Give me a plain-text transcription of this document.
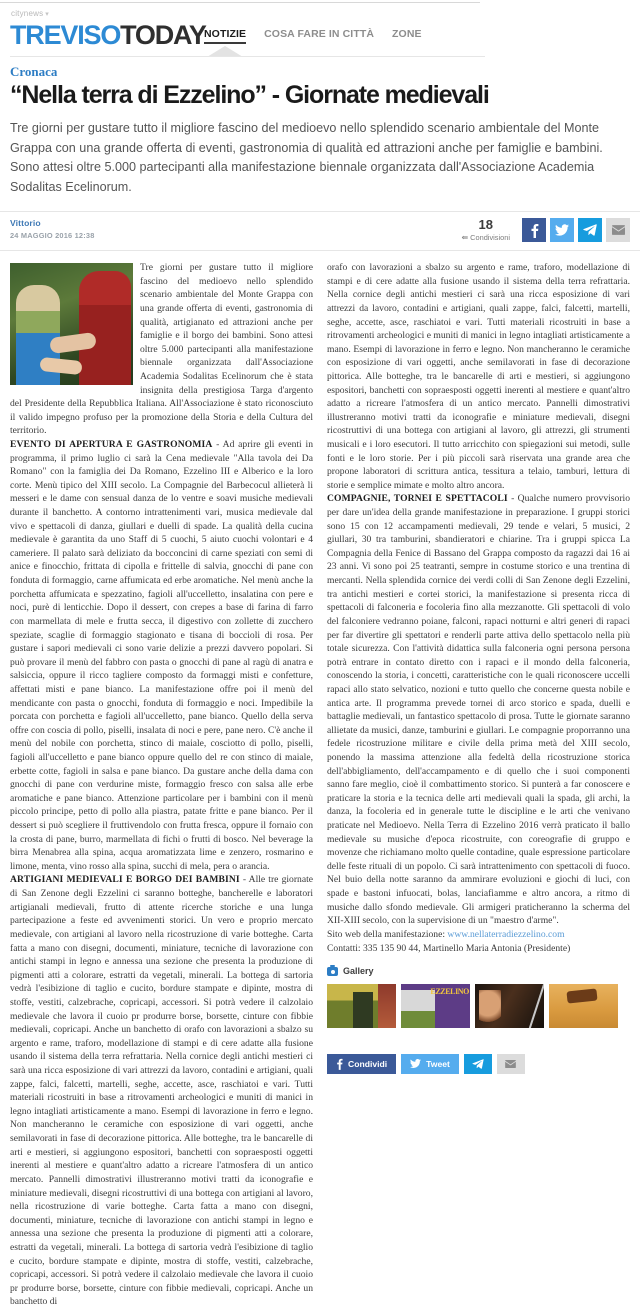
citynews ▾
TREVISOTODAY
NOTIZIE COSA FARE IN CITTÀ ZONE
Cronaca
“Nella terra di Ezzelino” - Giornate medievali

Tre giorni per gustare tutto il migliore fascino del medioevo nello splendido scenario ambientale del Monte Grappa con una grande offerta di eventi, gastronomia di qualità ed attrazioni anche per famiglie e bambini. Sono attesi oltre 5.000 partecipanti alla manifestazione biennale organizzata dall'Associazione Academia Sodalitas Ecelinorum.

Vittorio
24 MAGGIO 2016 12:38
18
⇚ Condivisioni

Tre giorni per gustare tutto il migliore fascino del medioevo nello splendido scenario ambientale del Monte Grappa con una grande offerta di eventi, gastronomia di qualità, artigianato ed attrazioni anche per famiglie e il borgo dei bambini. Sono attesi oltre 5.000 partecipanti alla manifestazione biennale organizzata dall'Associazione Academia Sodalitas Ecelinorum che è stata insignita della prestigiosa Targa d'argento del Presidente della Repubblica Italiana. All'Associazione è stato riconosciuto il valido impegno profuso per la promozione della Storia e della Cultura del territorio.

EVENTO DI APERTURA E GASTRONOMIA - Ad aprire gli eventi in programma, il primo luglio ci sarà la Cena medievale "Alla tavola dei Da Romano" con la famiglia dei Da Romano, Ezzelino III e Alberico e la loro corte. Menù tipico del XIII secolo. La Compagnie del Barbecocul allieterà li messeri e le dame con sensual danza de lo ventre e soavi musiche medievali durante il banchetto. A contorno intrattenimenti vari, musica medievale dal vivo e spettacoli di danza, giullari e duelli di spade. La qualità della cucina medievale è garantita da uno Staff di 5 cuochi, 5 aiuto cuochi volontari e 4 cameriere. Il palato sarà deliziato da bocconcini di carne speziati con semi di anice e finocchio, frittata di cipolla e frittelle di salvia, gnocchi di pane con fonduta di formaggio, carne affumicata ed erbe aromatiche. Nel menù anche la porchetta affumicata e spezzatino, fagioli all'uccelletto, insalatina con pere e noci, purè di lenticchie. Dopo il dessert, con crepes a base di farina di farro con marmellata di mele e frutta secca, il digestivo con zollette di zucchero speziate, scaglie di formaggio stagionato e tisana di boccioli di rosa. Per gustare i sapori medievali ci sono varie delizie a prezzi davvero popolari. Si può provare il menù del fabbro con pasta o gnocchi di pane al ragù di anatra e salsiccia, oppure il ricco tagliere composto da formaggi misti e confetture, affettati misti e pane bianco. La manifestazione offre poi il menù del mendicante con pasta o gnocchi, fonduta di formaggio e noci. Impedibile la porcata con porchetta e fagioli all'uccelletto, pane bianco. Quello della serva offre con coscia di pollo, piselli, insalata di noci e pere, pane nero. C'è anche il menù del nobile con porchetta, stinco di maiale, cosciotto di pollo, piselli, fagioli all'uccelletto e pane bianco oppure quello del re con stinco di maiale, erbette cotte, fagioli in salsa e pane bianco. Da gustare anche della dama con gnocchi di pane con verdurine miste, formaggio fresco con salsa alle erbe aromatiche e pane bianco. Attenzione particolare per i bambini con il menù piccolo principe, petto di pollo alla piastra, patate fritte e pane bianco. Per il dessert si può scegliere il fruttivendolo con frutta fresca, oppure il fornaio con la crosta di pane, burro, marmellata di fichi o frutti di bosco. Nel beverage la birra Menabrea alla spina, acqua aromatizzata lime e zenzero, rosmarino e limone, menta, vino rosso alla spina, succhi di mela, pera o arancia.

ARTIGIANI MEDIEVALI E BORGO DEI BAMBINI - Alle tre giornate di San Zenone degli Ezzelini ci saranno botteghe, bancherelle e laboratori artigianali medievali, frutto di attente ricerche storiche e una lunga partecipazione a feste ed avvenimenti storici. Un vero e proprio mercato medievale, con artigiani al lavoro nella ricostruzione di varie botteghe. Carta fatta a mano con disegni, documenti, miniature, tecniche di lavorazione con antichi stampi in legno e annessa una sezione che presenta la produzione di pigmenti atti a colorare, estratti da vegetali, minerali. La bottega di sartoria vedrà l'esibizione di taglio e cucito, bordure stampate e dipinte, mostra di stoffe, vestiti, calzebrache, copricapi, accessori. Si potrà vedere il calzolaio medievale che lavora il cuoio pr produrre borse, borsette, cinture con fibbie medievali, copricapi. Anche un banchetto di orafo con lavorazioni a sbalzo su argento e rame, traforo, modellazione di stampi e di cere adatte alla fusione usando il sistema della terra refrattaria. Nella cornice degli antichi mestieri ci sarà una ricca esposizione di vari attrezzi da lavoro, contadini e artigiani, quali zappe, falci, falcetti, martelli, seghe, accette, asce, raschiatoi e vari. Tutti materiali ricostruiti in base a ritrovamenti archeologici e muniti di manici in legno intagliati artisticamente a mano. Esempi di lavorazione in ferro e legno. Non mancheranno le ceramiche con esposizione di vari oggetti, anche semilavorati in fase di decorazione pittorica. Alle botteghe, tra le bancarelle di arti e mestieri, si aggiungono espositori, banchetti con sopraesposti oggetti inerenti al mestiere e quant'altro adatto a ricreare l'atmosfera di un antico mercato. Pannelli dimostrativi illustreranno motivi tratti da iconografie e miniature medievali, disegni ricostruttivi di una bottega con artigiani al lavoro, nella ricostruzione di varie botteghe. Carta fatta a mano con disegni, documenti, miniature, tecniche di lavorazione con antichi stampi in legno e annessa una sezione che presenta la produzione di pigmenti atti a colorare, estratti da vegetali, minerali. La bottega di sartoria vedrà l'esibizione di taglio e cucito, bordure stampate e dipinte, mostra di stoffe, vestiti, calzebrache, copricapi, accessori. Si potrà vedere il calzolaio medievale che lavora il cuoio pr produrre borse, borsette, cinture con fibbie medievali, copricapi. Anche un banchetto di

orafo con lavorazioni a sbalzo su argento e rame, traforo, modellazione di stampi e di cere adatte alla fusione usando il sistema della terra refrattaria. Nella cornice degli antichi mestieri ci sarà una ricca esposizione di vari attrezzi da lavoro, contadini e artigiani, quali zappe, falci, falcetti, martelli, seghe, accette, asce, raschiatoi e vari. Tutti materiali ricostruiti in base a ritrovamenti archeologici e muniti di manici in legno intagliati artisticamente a mano. Esempi di lavorazione in ferro e legno. Non mancheranno le ceramiche con esposizione di vari oggetti, anche semilavorati in fase di decorazione pittorica. Alle botteghe, tra le bancarelle di arti e mestieri, si aggiungono espositori, banchetti con sopraesposti oggetti inerenti al mestiere e quant'altro adatto a ricreare l'atmosfera di un antico mercato. Pannelli dimostrativi illustreranno motivi tratti da iconografie e miniature medievali, disegni ricostruttivi di una bottega con artigiani al lavoro, gli attrezzi, gli strumenti musicali e i loro esecutori. Il tutto arricchito con spiegazioni sui metodi, sulle fonti e le loro storie. Per i più piccoli sarà riservata una grande area che propone laboratori di scrittura antica, tessitura a telaio, tamburi, lettura di storie e semplice mimate e molto altro ancora.

COMPAGNIE, TORNEI E SPETTACOLI - Qualche numero provvisorio per dare un'idea della grande manifestazione in preparazione. I gruppi storici sono 15 con 12 accampamenti medievali, 29 tende e velari, 5 musici, 2 giullari, 30 tra tamburini, sbandieratori e chiarine. Tra i gruppi spicca La Compagnia della Fenice di Bassano del Grappa composto da ragazzi dai 16 ai 23 anni. Vi sono poi 25 teatranti, sempre in costume storico e una trentina di mercanti. Nella splendida cornice dei verdi colli di San Zenone degli Ezzelini, tra antichi mestieri e cortei storici, la manifestazione si presenta ricca di spettacoli di falconeria e focoleria fino alla mezzanotte. Gli spettacoli di volo del falconiere vedranno poiane, falconi, rapaci notturni e altri generi di rapaci per far divertire gli spettatori e renderli parte attiva dello spettacolo nella più totale sicurezza. Con l'attività didattica sulla falconeria ogni persona persona potrà entrare in contato diretto con i rapaci e il mondo della falconeria, conoscendo la storia, i concetti, caratteristiche con le quali riconoscere uccelli rapaci allo stato selvatico, nozioni e tutto quello che concerne questa nobile e antica arte. Il programma prevede tornei di arco storico e spada, duelli e battaglie medievali, un fantastico spettacolo di prosa. Tutte le giornate saranno allietate da musici, danze, tamburini e giullari. Le compagnie proporranno una fedele ricostruzione militare e civile della prima metà del XIII secolo, ponendo la massima attenzione alla fedeltà della ricostruzione storica dell'abbigliamento, dell'accampamento e di quello che i suoi componenti sanno fare meglio, cioè il combattimento storico. Si punterà a far conoscere e praticare la storia e la tecnica delle arti medievali quali la spada, gli archi, la danza, la focoleria ed in generale tutte le discipline e le arti che venivano praticate nel Medioevo. Nella Terra di Ezzelino 2016 verrà praticato il ballo medievale su musiche d'epoca ricostruite, con coreografie di gruppo e movenze che richiamano molto quelle contadine, quale espressione particolare delle feste rituali di un popolo. Ci sarà intrattenimento con spettacoli di fuoco. Nel buio della notte saranno da ammirare evoluzioni e giochi di luci, con spade e bastoni infuocati, bolas, lanciafiamme e altro ancora, a ritmo di musiche dallo sfondo medievale. Gli armigeri praticheranno la scherma del XII-XIII secolo, con la supervisione di un "maestro d'arme".

Sito web della manifestazione: www.nellaterradiezzelino.com

Contatti: 335 135 90 44, Martinello Maria Antonia (Presidente)

Gallery
EZZELINO
Condividi	Tweet
